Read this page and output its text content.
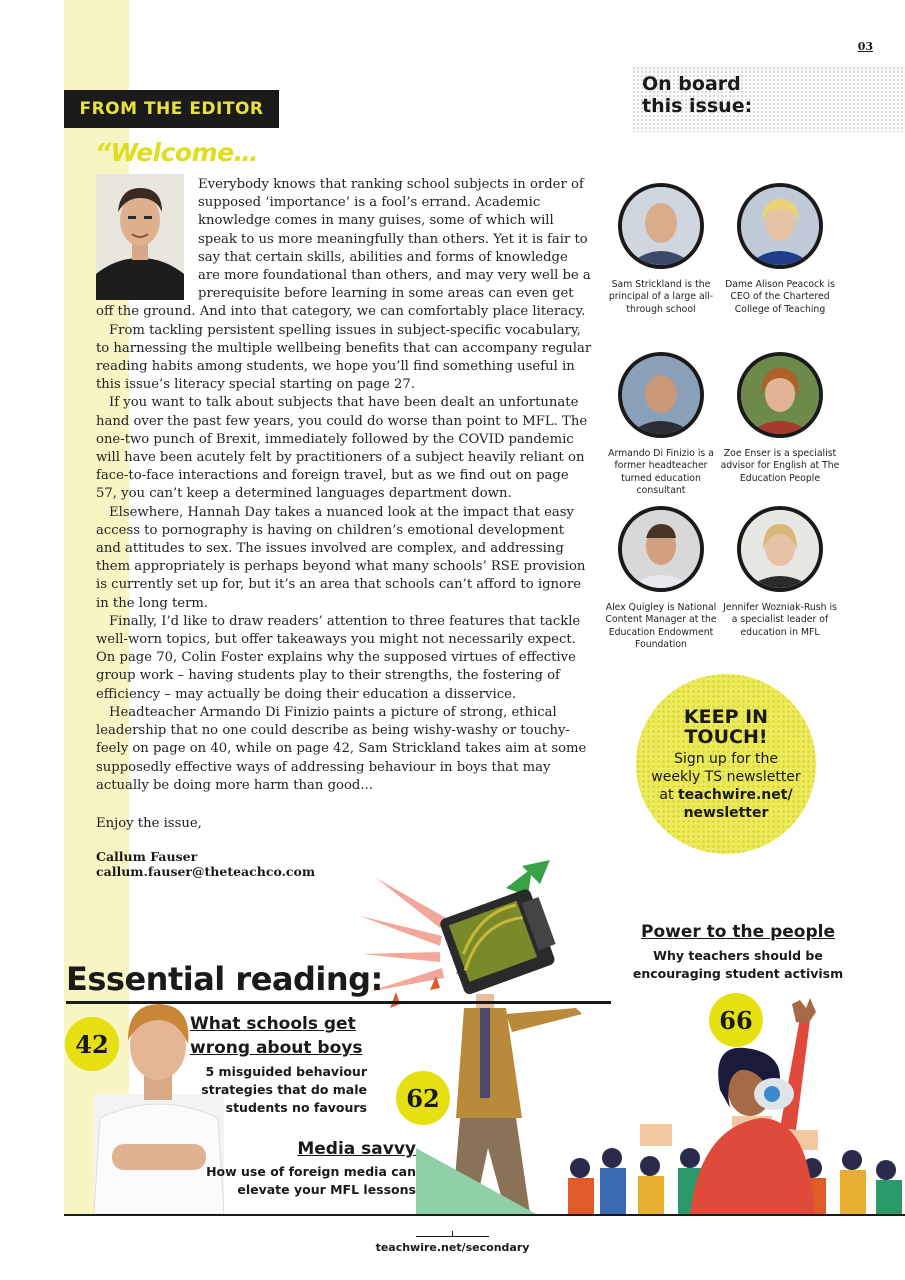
03
FROM THE EDITOR
“Welcome…

Everybody knows that ranking school subjects in order of supposed ‘importance’ is a fool’s errand. Academic knowledge comes in many guises, some of which will speak to us more meaningfully than others. Yet it is fair to say that certain skills, abilities and forms of knowledge are more foundational than others, and may very well be a prerequisite before learning in some areas can even get off the ground. And into that category, we can comfortably place literacy.

From tackling persistent spelling issues in subject-specific vocabulary, to harnessing the multiple wellbeing benefits that can accompany regular reading habits among students, we hope you’ll find something useful in this issue’s literacy special starting on page 27.

If you want to talk about subjects that have been dealt an unfortunate hand over the past few years, you could do worse than point to MFL. The one-two punch of Brexit, immediately followed by the COVID pandemic will have been acutely felt by practitioners of a subject heavily reliant on face-to-face interactions and foreign travel, but as we find out on page 57, you can’t keep a determined languages department down.

Elsewhere, Hannah Day takes a nuanced look at the impact that easy access to pornography is having on children’s emotional development and attitudes to sex. The issues involved are complex, and addressing them appropriately is perhaps beyond what many schools’ RSE provision is currently set up for, but it’s an area that schools can’t afford to ignore in the long term.

Finally, I’d like to draw readers’ attention to three features that tackle well-worn topics, but offer takeaways you might not necessarily expect. On page 70, Colin Foster explains why the supposed virtues of effective group work – having students play to their strengths, the fostering of efficiency – may actually be doing their education a disservice.

Headteacher Armando Di Finizio paints a picture of strong, ethical leadership that no one could describe as being wishy-washy or touchy-feely on page on 40, while on page 42, Sam Strickland takes aim at some supposedly effective ways of addressing behaviour in boys that may actually be doing more harm than good...

Enjoy the issue,
Callum Fauser
callum.fauser@theteachco.com
On board
this issue:
Sam Strickland is the principal of a large all-through school
Dame Alison Peacock is CEO of the Chartered College of Teaching
Armando Di Finizio is a former headteacher turned education consultant
Zoe Enser is a specialist advisor for English at The Education People
Alex Quigley is National Content Manager at the Education Endowment Foundation
Jennifer Wozniak-Rush is a specialist leader of education in MFL
KEEP IN
TOUCH!
Sign up for the
weekly TS newsletter
at teachwire.net/
newsletter
Essential reading:
42
What schools get
wrong about boys
5 misguided behaviour
strategies that do male
students no favours	62
Media savvy
How use of foreign media can
elevate your MFL lessons
Power to the people
Why teachers should be
encouraging student activism
66
teachwire.net/secondary
